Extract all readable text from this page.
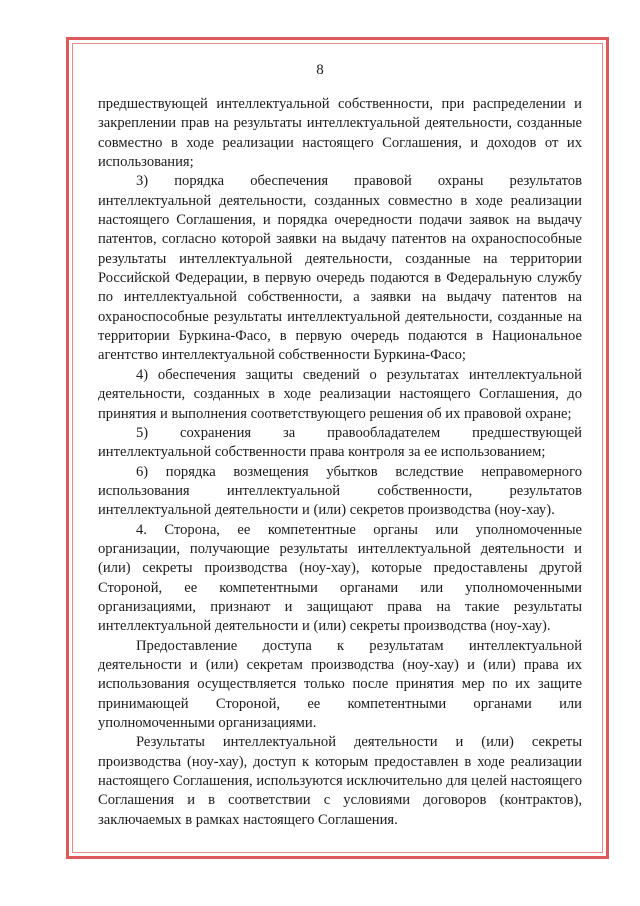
8

предшествующей интеллектуальной собственности, при распределении и закреплении прав на результаты интеллектуальной деятельности, созданные совместно в ходе реализации настоящего Соглашения, и доходов от их использования;

3) порядка обеспечения правовой охраны результатов интеллектуальной деятельности, созданных совместно в ходе реализации настоящего Соглашения, и порядка очередности подачи заявок на выдачу патентов, согласно которой заявки на выдачу патентов на охраноспособные результаты интеллектуальной деятельности, созданные на территории Российской Федерации, в первую очередь подаются в Федеральную службу по интеллектуальной собственности, а заявки на выдачу патентов на охраноспособные результаты интеллектуальной деятельности, созданные на территории Буркина-Фасо, в первую очередь подаются в Национальное агентство интеллектуальной собственности Буркина-Фасо;

4) обеспечения защиты сведений о результатах интеллектуальной деятельности, созданных в ходе реализации настоящего Соглашения, до принятия и выполнения соответствующего решения об их правовой охране;

5) сохранения за правообладателем предшествующей интеллектуальной собственности права контроля за ее использованием;

6) порядка возмещения убытков вследствие неправомерного использования интеллектуальной собственности, результатов интеллектуальной деятельности и (или) секретов производства (ноу-хау).

4. Сторона, ее компетентные органы или уполномоченные организации, получающие результаты интеллектуальной деятельности и (или) секреты производства (ноу-хау), которые предоставлены другой Стороной, ее компетентными органами или уполномоченными организациями, признают и защищают права на такие результаты интеллектуальной деятельности и (или) секреты производства (ноу-хау).

Предоставление доступа к результатам интеллектуальной деятельности и (или) секретам производства (ноу-хау) и (или) права их использования осуществляется только после принятия мер по их защите принимающей Стороной, ее компетентными органами или уполномоченными организациями.

Результаты интеллектуальной деятельности и (или) секреты производства (ноу-хау), доступ к которым предоставлен в ходе реализации настоящего Соглашения, используются исключительно для целей настоящего Соглашения и в соответствии с условиями договоров (контрактов), заключаемых в рамках настоящего Соглашения.
